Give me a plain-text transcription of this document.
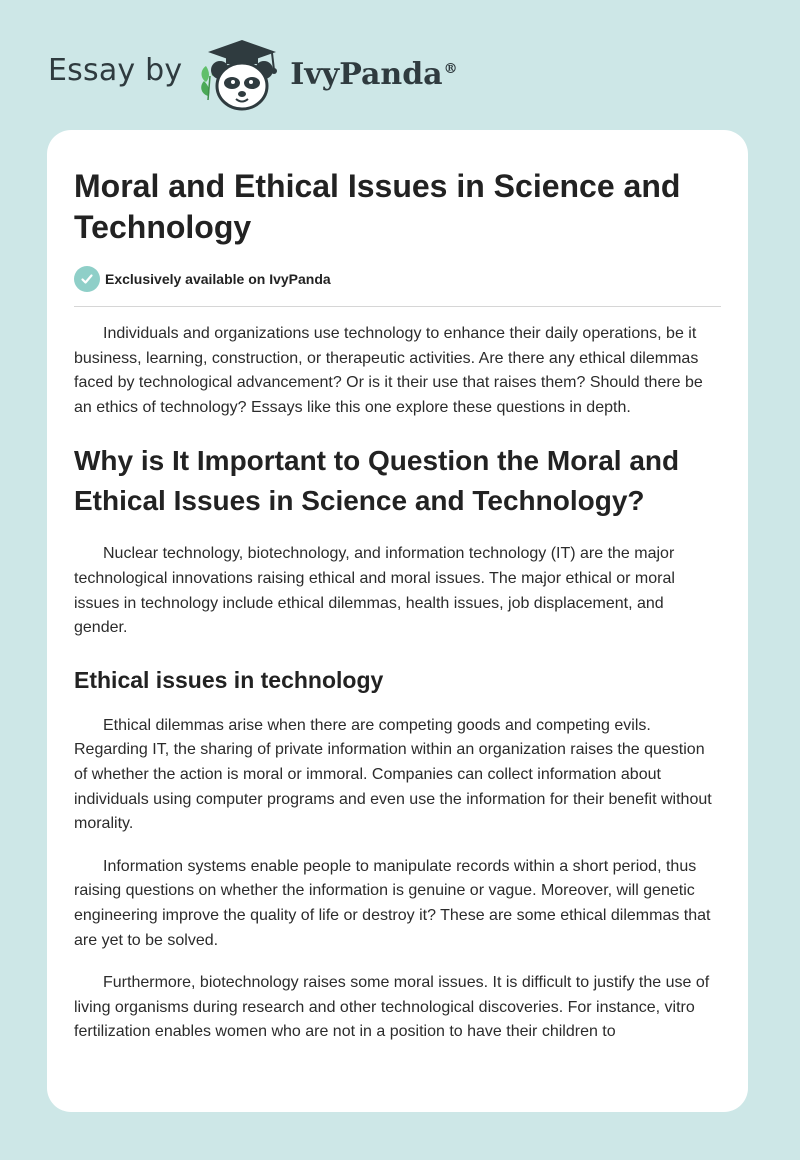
Essay by	IvyPanda®
Moral and Ethical Issues in Science and Technology
Exclusively available on IvyPanda

Individuals and organizations use technology to enhance their daily operations, be it business, learning, construction, or therapeutic activities. Are there any ethical dilemmas faced by technological advancement? Or is it their use that raises them? Should there be an ethics of technology? Essays like this one explore these questions in depth.

Why is It Important to Question the Moral and Ethical Issues in Science and Technology?

Nuclear technology, biotechnology, and information technology (IT) are the major technological innovations raising ethical and moral issues. The major ethical or moral issues in technology include ethical dilemmas, health issues, job displacement, and gender.

Ethical issues in technology

Ethical dilemmas arise when there are competing goods and competing evils. Regarding IT, the sharing of private information within an organization raises the question of whether the action is moral or immoral. Companies can collect information about individuals using computer programs and even use the information for their benefit without morality.

Information systems enable people to manipulate records within a short period, thus raising questions on whether the information is genuine or vague. Moreover, will genetic engineering improve the quality of life or destroy it? These are some ethical dilemmas that are yet to be solved.

Furthermore, biotechnology raises some moral issues. It is difficult to justify the use of living organisms during research and other technological discoveries. For instance, vitro fertilization enables women who are not in a position to have their children to
